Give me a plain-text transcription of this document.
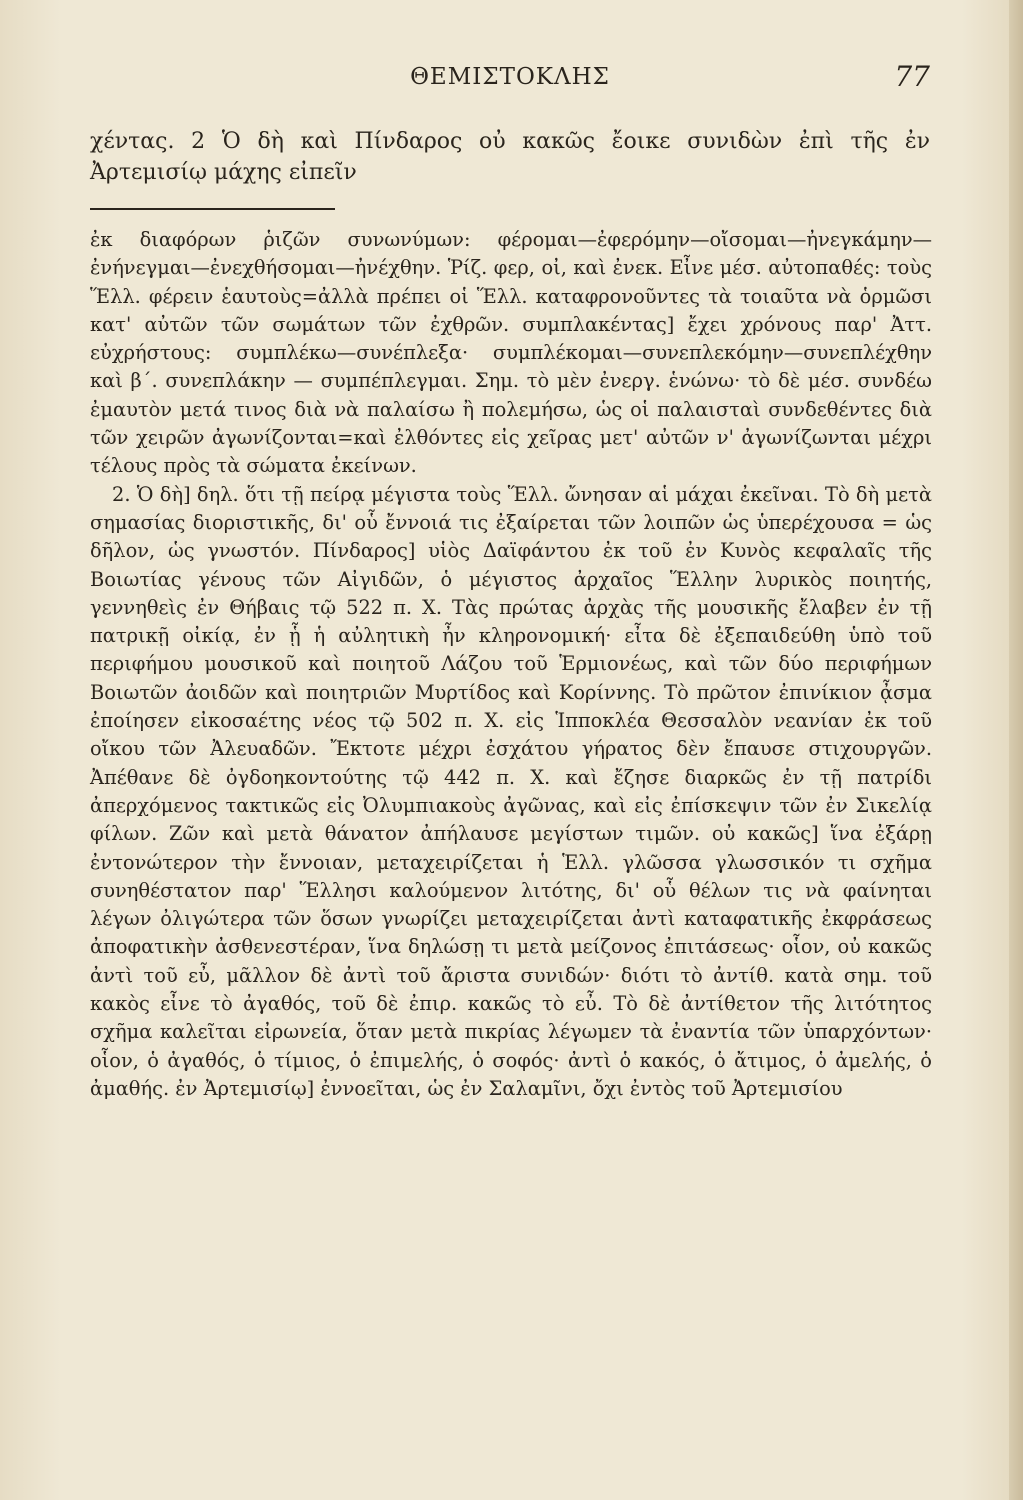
ΘΕΜΙΣΤΟΚΛΗΣ	77

χέντας. 2 Ὁ δὴ καὶ Πίνδαρος οὐ κακῶς ἔοικε συνιδὼν ἐπὶ τῆς ἐν Ἀρτεμισίῳ μάχης εἰπεῖν

ἐκ διαφόρων ῥιζῶν συνωνύμων: φέρομαι—ἐφερόμην—οἴσομαι—ἠνεγκάμην—ἐνήνεγμαι—ἐνεχθήσομαι—ἠνέχθην. Ῥίζ. φερ, οἰ, καὶ ἐνεκ. Εἶνε μέσ. αὐτοπαθές: τοὺς Ἕλλ. φέρειν ἑαυτοὺς=ἀλλὰ πρέπει οἱ Ἕλλ. καταφρονοῦντες τὰ τοιαῦτα νὰ ὁρμῶσι κατ' αὐτῶν τῶν σωμάτων τῶν ἐχθρῶν. συμπλακέντας] ἔχει χρόνους παρ' Ἀττ. εὐχρήστους: συμπλέκω—συνέπλεξα· συμπλέκομαι—συνεπλεκόμην—συνεπλέχθην καὶ β΄. συνεπλάκην — συμπέπλεγμαι. Σημ. τὸ μὲν ἐνεργ. ἑνώνω· τὸ δὲ μέσ. συνδέω ἐμαυτὸν μετά τινος διὰ νὰ παλαίσω ἢ πολεμήσω, ὡς οἱ παλαισταὶ συνδεθέντες διὰ τῶν χειρῶν ἀγωνίζονται=καὶ ἐλθόντες εἰς χεῖρας μετ' αὐτῶν ν' ἀγωνίζωνται μέχρι τέλους πρὸς τὰ σώματα ἐκείνων.

2. Ὁ δὴ] δηλ. ὅτι τῇ πείρᾳ μέγιστα τοὺς Ἕλλ. ὤνησαν αἱ μάχαι ἐκεῖναι. Τὸ δὴ μετὰ σημασίας διοριστικῆς, δι' οὗ ἔννοιά τις ἐξαίρεται τῶν λοιπῶν ὡς ὑπερέχουσα = ὡς δῆλον, ὡς γνωστόν. Πίνδαρος] υἱὸς Δαϊφάντου ἐκ τοῦ ἐν Κυνὸς κεφαλαῖς τῆς Βοιωτίας γένους τῶν Αἰγιδῶν, ὁ μέγιστος ἀρχαῖος Ἕλλην λυρικὸς ποιητής, γεννηθεὶς ἐν Θήβαις τῷ 522 π. Χ. Τὰς πρώτας ἀρχὰς τῆς μουσικῆς ἔλαβεν ἐν τῇ πατρικῇ οἰκίᾳ, ἐν ᾗ ἡ αὐλητικὴ ἦν κληρονομική· εἶτα δὲ ἐξεπαιδεύθη ὑπὸ τοῦ περιφήμου μουσικοῦ καὶ ποιητοῦ Λάζου τοῦ Ἑρμιονέως, καὶ τῶν δύο περιφήμων Βοιωτῶν ἀοιδῶν καὶ ποιητριῶν Μυρτίδος καὶ Κορίννης. Τὸ πρῶτον ἐπινίκιον ᾆσμα ἐποίησεν εἰκοσαέτης νέος τῷ 502 π. Χ. εἰς Ἱπποκλέα Θεσσαλὸν νεανίαν ἐκ τοῦ οἴκου τῶν Ἀλευαδῶν. Ἔκτοτε μέχρι ἐσχάτου γήρατος δὲν ἔπαυσε στιχουργῶν. Ἀπέθανε δὲ ὀγδοηκοντούτης τῷ 442 π. Χ. καὶ ἔζησε διαρκῶς ἐν τῇ πατρίδι ἀπερχόμενος τακτικῶς εἰς Ὀλυμπιακοὺς ἀγῶνας, καὶ εἰς ἐπίσκεψιν τῶν ἐν Σικελίᾳ φίλων. Ζῶν καὶ μετὰ θάνατον ἀπήλαυσε μεγίστων τιμῶν. οὐ κακῶς] ἵνα ἐξάρῃ ἐντονώτερον τὴν ἔννοιαν, μεταχειρίζεται ἡ Ἑλλ. γλῶσσα γλωσσικόν τι σχῆμα συνηθέστατον παρ' Ἕλλησι καλούμενον λιτότης, δι' οὗ θέλων τις νὰ φαίνηται λέγων ὀλιγώτερα τῶν ὅσων γνωρίζει μεταχειρίζεται ἀντὶ καταφατικῆς ἐκφράσεως ἀποφατικὴν ἀσθενεστέραν, ἵνα δηλώσῃ τι μετὰ μείζονος ἐπιτάσεως· οἷον, οὐ κακῶς ἀντὶ τοῦ εὖ, μᾶλλον δὲ ἀντὶ τοῦ ἄριστα συνιδών· διότι τὸ ἀντίθ. κατὰ σημ. τοῦ κακὸς εἶνε τὸ ἀγαθός, τοῦ δὲ ἐπιρ. κακῶς τὸ εὖ. Τὸ δὲ ἀντίθετον τῆς λιτότητος σχῆμα καλεῖται εἰρωνεία, ὅταν μετὰ πικρίας λέγωμεν τὰ ἐναντία τῶν ὑπαρχόντων· οἷον, ὁ ἀγαθός, ὁ τίμιος, ὁ ἐπιμελής, ὁ σοφός· ἀντὶ ὁ κακός, ὁ ἄτιμος, ὁ ἀμελής, ὁ ἀμαθής. ἐν Ἀρτεμισίῳ] ἐννοεῖται, ὡς ἐν Σαλαμῖνι, ὄχι ἐντὸς τοῦ Ἀρτεμισίου
